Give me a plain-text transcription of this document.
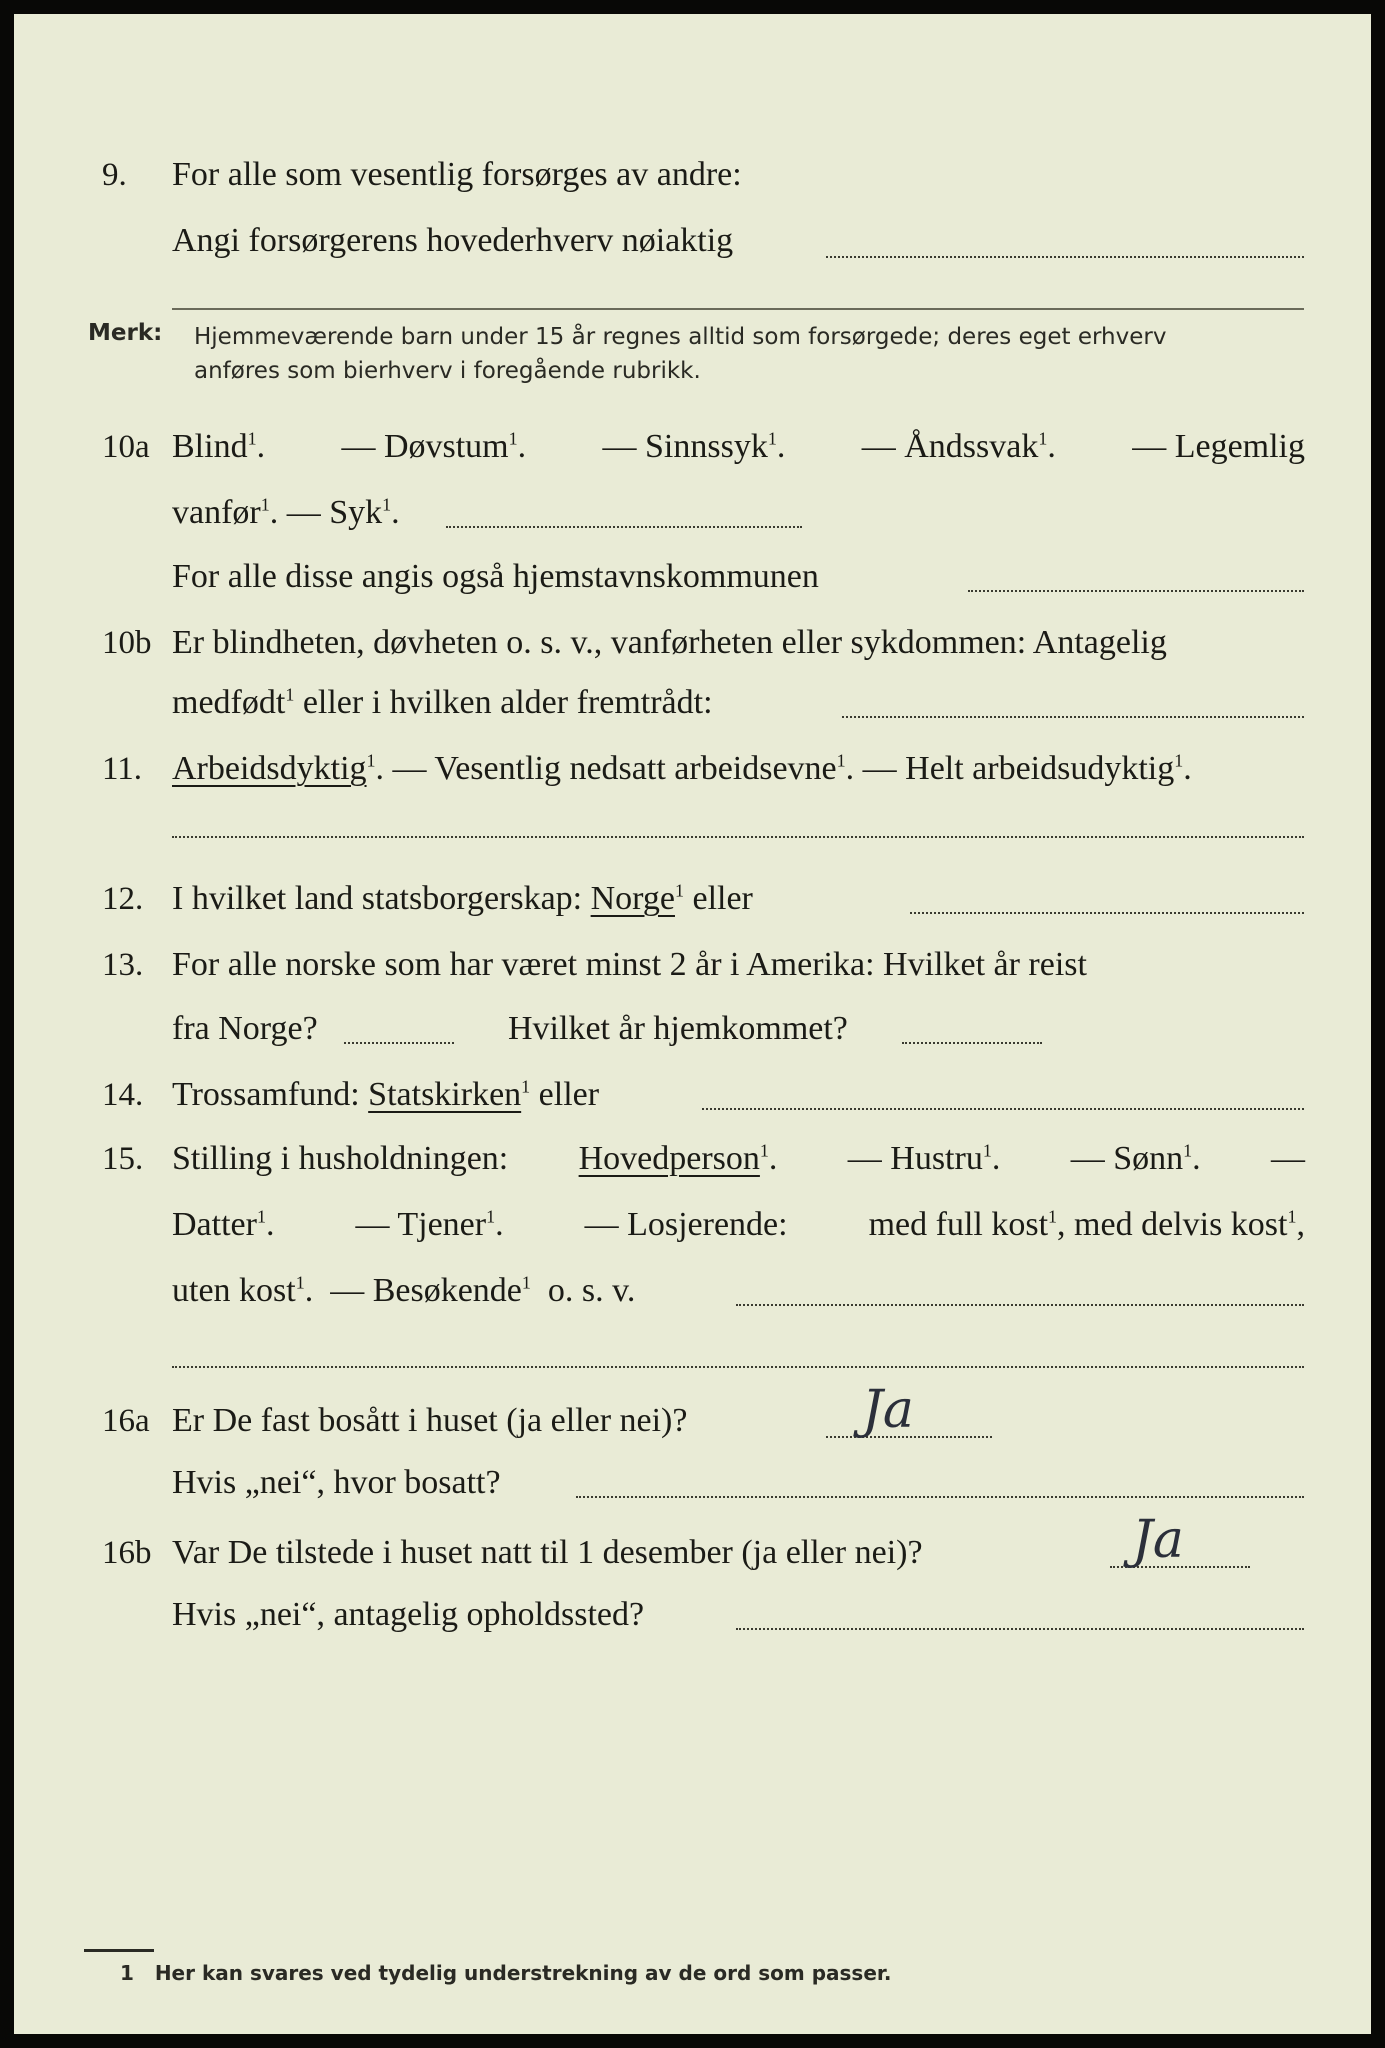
9.	For alle som vesentlig forsørges av andre:
Angi forsørgerens hovederhverv nøiaktig
Merk: Hjemmeværende barn under 15 år regnes alltid som forsørgede; deres eget erhverv
anføres som bierhverv i foregående rubrikk.
10a Blind$^1$. — Døvstum$^1$. — Sinnssyk$^1$. — Åndssvak$^1$. — Legemlig
vanfør$^1$. — Syk$^1$.
For alle disse angis også hjemstavnskommunen
10b Er blindheten, døvheten o. s. v., vanførheten eller sykdommen: Antagelig
medfødt$^1$ eller i hvilken alder fremtrådt:
11. Arbeidsdyktig$^1$. — Vesentlig nedsatt arbeidsevne$^1$. — Helt arbeidsudyktig$^1$.
12. I hvilket land statsborgerskap: Norge$^1$ eller
13. For alle norske som har været minst 2 år i Amerika: Hvilket år reist
fra Norge?	Hvilket år hjemkommet?
14. Trossamfund: Statskirken$^1$ eller
15. Stilling i husholdningen: Hovedperson$^1$. — Hustru$^1$. — Sønn$^1$. —
Datter$^1$. — Tjener$^1$. — Losjerende: med full kost$^1$, med delvis kost$^1$,
uten kost$^1$.  — Besøkende$^1$ o. s. v.
16a Er De fast bosått i huset (ja eller nei)?	Ja
Hvis „nei“, hvor bosatt?
16b Var De tilstede i huset natt til 1 desember (ja eller nei)?	Ja
Hvis „nei“, antagelig opholdssted?
1 Her kan svares ved tydelig understrekning av de ord som passer.
